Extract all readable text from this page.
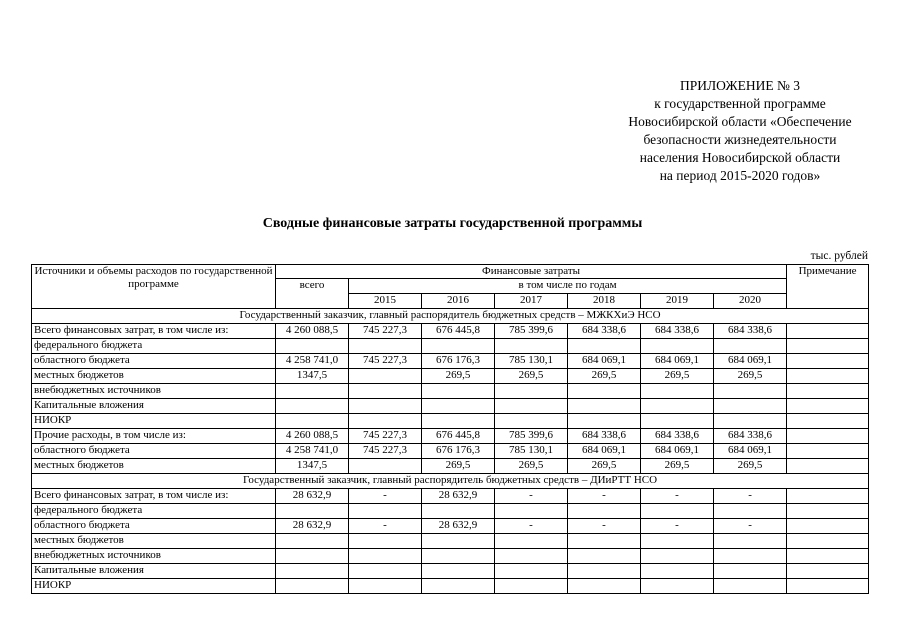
ПРИЛОЖЕНИЕ № 3
к государственной программе
Новосибирской области «Обеспечение
безопасности жизнедеятельности
населения Новосибирской области
на период 2015-2020 годов»
Сводные финансовые затраты государственной программы
тыс. рублей
Источники и объемы расходов по государственной программе	Финансовые затраты							Примечание
	всего	в том числе по годам						
		2015	2016	2017	2018	2019	2020	
Государственный заказчик, главный распорядитель бюджетных средств – МЖКХиЭ НСО								
Всего финансовых затрат, в том числе из:	4 260 088,5	745 227,3	676 445,8	785 399,6	684 338,6	684 338,6	684 338,6	
федерального бюджета								
областного бюджета	4 258 741,0	745 227,3	676 176,3	785 130,1	684 069,1	684 069,1	684 069,1	
местных бюджетов	1347,5		269,5	269,5	269,5	269,5	269,5	
внебюджетных источников								
Капитальные вложения								
НИОКР								
Прочие расходы, в том числе из:	4 260 088,5	745 227,3	676 445,8	785 399,6	684 338,6	684 338,6	684 338,6	
областного бюджета	4 258 741,0	745 227,3	676 176,3	785 130,1	684 069,1	684 069,1	684 069,1	
местных бюджетов	1347,5		269,5	269,5	269,5	269,5	269,5	
Государственный заказчик, главный распорядитель бюджетных средств – ДИиРТТ НСО								
Всего финансовых затрат, в том числе из:	28 632,9	-	28 632,9	-	-	-	-	
федерального бюджета								
областного бюджета	28 632,9	-	28 632,9	-	-	-	-	
местных бюджетов								
внебюджетных источников								
Капитальные вложения								
НИОКР								
